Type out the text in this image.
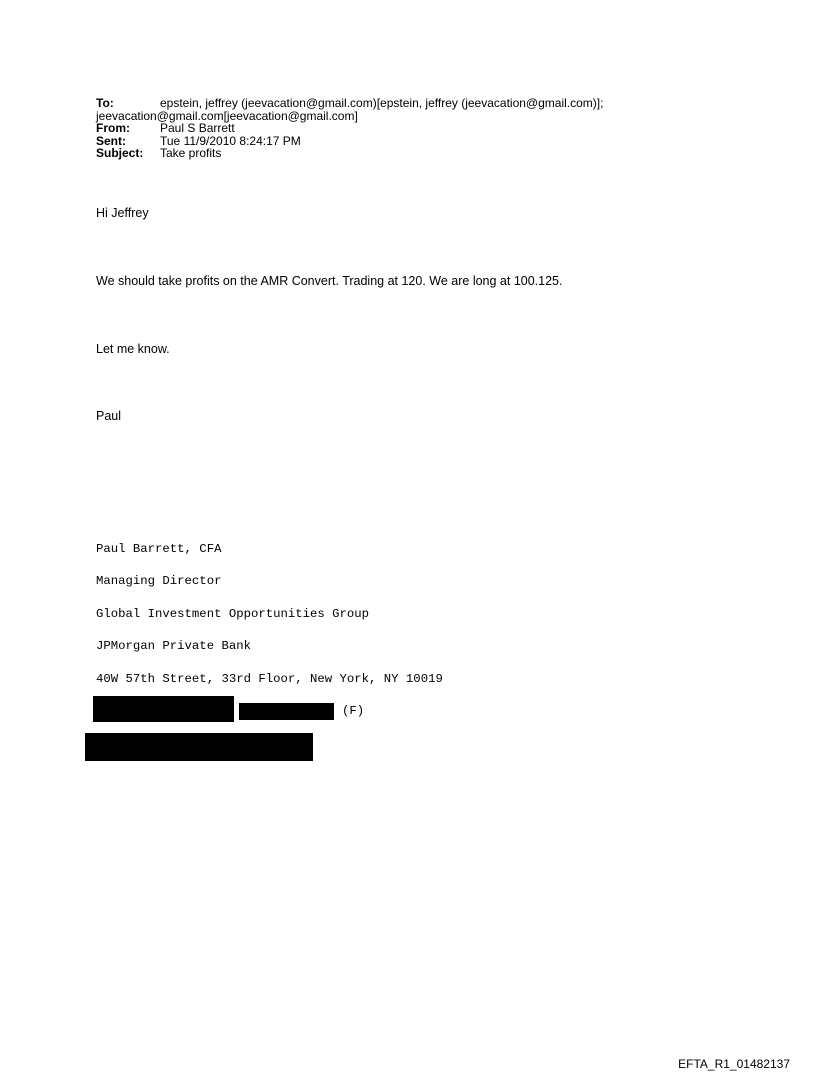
To:	epstein, jeffrey (jeevacation@gmail.com)[epstein, jeffrey (jeevacation@gmail.com)];
jeevacation@gmail.com[jeevacation@gmail.com]
From:	Paul S Barrett
Sent:	Tue 11/9/2010 8:24:17 PM
Subject: Take profits
Hi Jeffrey
We should take profits on the AMR Convert. Trading at 120. We are long at 100.125.
Let me know.
Paul
Paul Barrett, CFA
Managing Director
Global Investment Opportunities Group
JPMorgan Private Bank
40W 57th Street, 33rd Floor, New York, NY 10019
(F)
EFTA_R1_01482137
